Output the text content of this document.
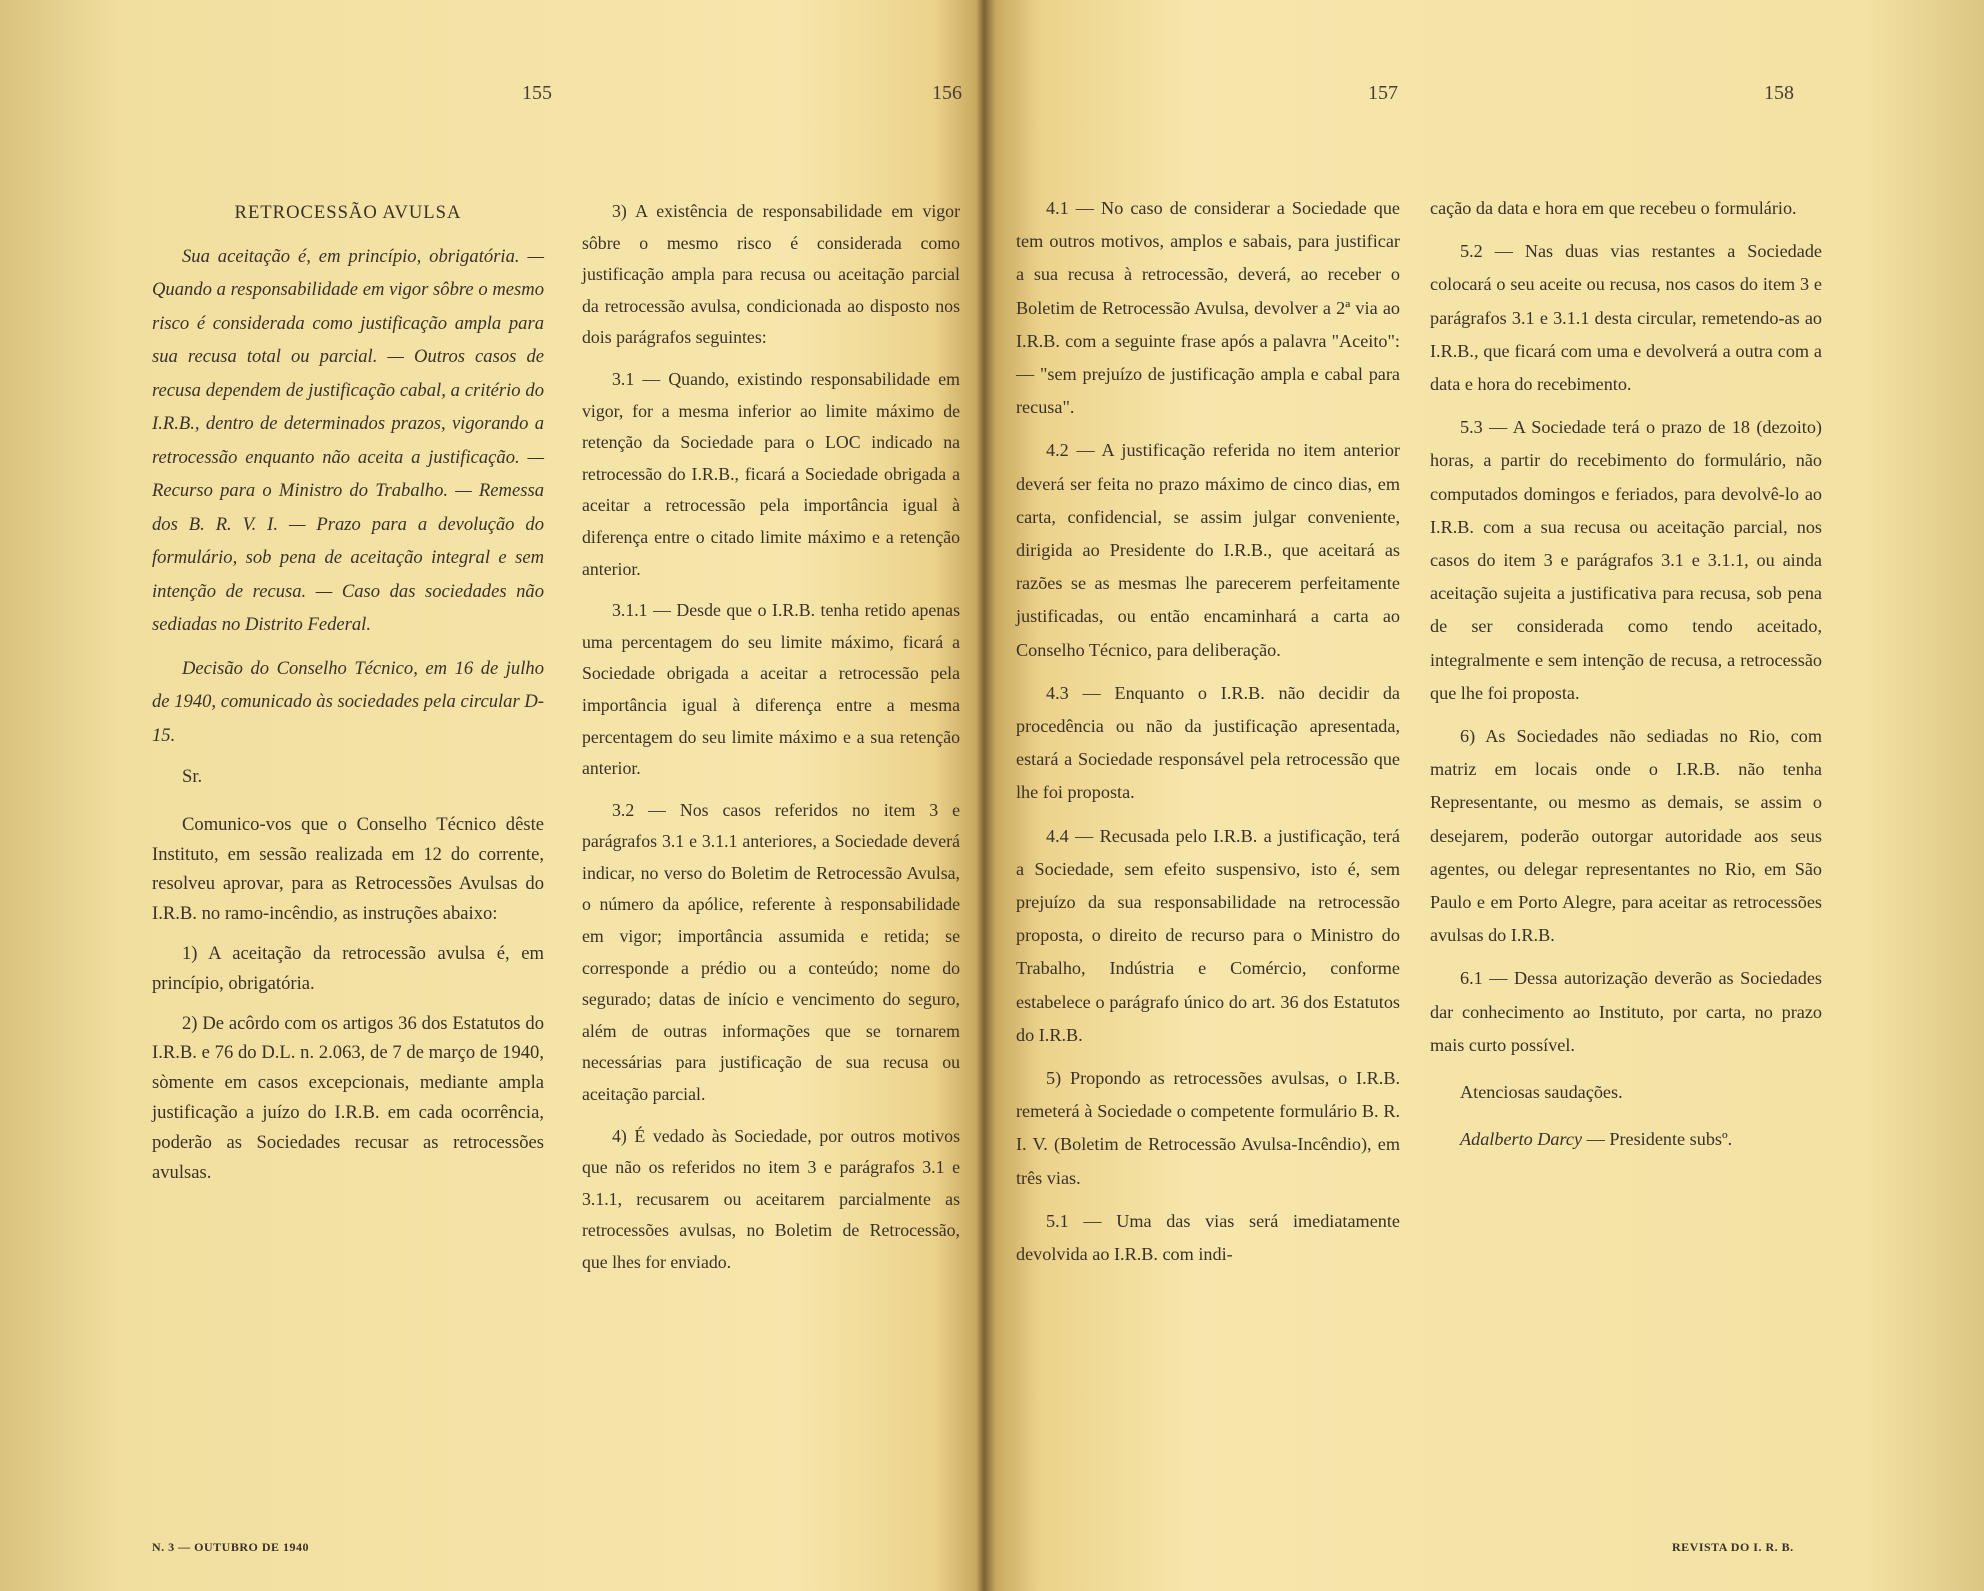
155	156	157	158
RETROCESSÃO AVULSA

Sua aceitação é, em princípio, obrigatória. — Quando a responsabilidade em vigor sôbre o mesmo risco é considerada como justificação ampla para sua recusa total ou parcial. — Outros casos de recusa dependem de justificação cabal, a critério do I.R.B., dentro de determinados prazos, vigorando a retrocessão enquanto não aceita a justificação. — Recurso para o Ministro do Trabalho. — Remessa dos B. R. V. I. — Prazo para a devolução do formulário, sob pena de aceitação integral e sem intenção de recusa. — Caso das sociedades não sediadas no Distrito Federal.

Decisão do Conselho Técnico, em 16 de julho de 1940, comunicado às sociedades pela circular D-15.

Sr.

Comunico-vos que o Conselho Técnico dêste Instituto, em sessão realizada em 12 do corrente, resolveu aprovar, para as Retrocessões Avulsas do I.R.B. no ramo-incêndio, as instruções abaixo:

1) A aceitação da retrocessão avulsa é, em princípio, obrigatória.

2) De acôrdo com os artigos 36 dos Estatutos do I.R.B. e 76 do D.L. n. 2.063, de 7 de março de 1940, sòmente em casos excepcionais, mediante ampla justificação a juízo do I.R.B. em cada ocorrência, poderão as Sociedades recusar as retrocessões avulsas.

3) A existência de responsabilidade em vigor sôbre o mesmo risco é considerada como justificação ampla para recusa ou aceitação parcial da retrocessão avulsa, condicionada ao disposto nos dois parágrafos seguintes:

3.1 — Quando, existindo responsabilidade em vigor, for a mesma inferior ao limite máximo de retenção da Sociedade para o LOC indicado na retrocessão do I.R.B., ficará a Sociedade obrigada a aceitar a retrocessão pela importância igual à diferença entre o citado limite máximo e a retenção anterior.

3.1.1 — Desde que o I.R.B. tenha retido apenas uma percentagem do seu limite máximo, ficará a Sociedade obrigada a aceitar a retrocessão pela importância igual à diferença entre a mesma percentagem do seu limite máximo e a sua retenção anterior.

3.2 — Nos casos referidos no item 3 e parágrafos 3.1 e 3.1.1 anteriores, a Sociedade deverá indicar, no verso do Boletim de Retrocessão Avulsa, o número da apólice, referente à responsabilidade em vigor; importância assumida e retida; se corresponde a prédio ou a conteúdo; nome do segurado; datas de início e vencimento do seguro, além de outras informações que se tornarem necessárias para justificação de sua recusa ou aceitação parcial.

4) É vedado às Sociedade, por outros motivos que não os referidos no item 3 e parágrafos 3.1 e 3.1.1, recusarem ou aceitarem parcialmente as retrocessões avulsas, no Boletim de Retrocessão, que lhes for enviado.

4.1 — No caso de considerar a Sociedade que tem outros motivos, amplos e sabais, para justificar a sua recusa à retrocessão, deverá, ao receber o Boletim de Retrocessão Avulsa, devolver a 2ª via ao I.R.B. com a seguinte frase após a palavra "Aceito": — "sem prejuízo de justificação ampla e cabal para recusa".

4.2 — A justificação referida no item anterior deverá ser feita no prazo máximo de cinco dias, em carta, confidencial, se assim julgar conveniente, dirigida ao Presidente do I.R.B., que aceitará as razões se as mesmas lhe parecerem perfeitamente justificadas, ou então encaminhará a carta ao Conselho Técnico, para deliberação.

4.3 — Enquanto o I.R.B. não decidir da procedência ou não da justificação apresentada, estará a Sociedade responsável pela retrocessão que lhe foi proposta.

4.4 — Recusada pelo I.R.B. a justificação, terá a Sociedade, sem efeito suspensivo, isto é, sem prejuízo da sua responsabilidade na retrocessão proposta, o direito de recurso para o Ministro do Trabalho, Indústria e Comércio, conforme estabelece o parágrafo único do art. 36 dos Estatutos do I.R.B.

5) Propondo as retrocessões avulsas, o I.R.B. remeterá à Sociedade o competente formulário B. R. I. V. (Boletim de Retrocessão Avulsa-Incêndio), em três vias.

5.1 — Uma das vias será imediatamente devolvida ao I.R.B. com indi-

cação da data e hora em que recebeu o formulário.

5.2 — Nas duas vias restantes a Sociedade colocará o seu aceite ou recusa, nos casos do item 3 e parágrafos 3.1 e 3.1.1 desta circular, remetendo-as ao I.R.B., que ficará com uma e devolverá a outra com a data e hora do recebimento.

5.3 — A Sociedade terá o prazo de 18 (dezoito) horas, a partir do recebimento do formulário, não computados domingos e feriados, para devolvê-lo ao I.R.B. com a sua recusa ou aceitação parcial, nos casos do item 3 e parágrafos 3.1 e 3.1.1, ou ainda aceitação sujeita a justificativa para recusa, sob pena de ser considerada como tendo aceitado, integralmente e sem intenção de recusa, a retrocessão que lhe foi proposta.

6) As Sociedades não sediadas no Rio, com matriz em locais onde o I.R.B. não tenha Representante, ou mesmo as demais, se assim o desejarem, poderão outorgar autoridade aos seus agentes, ou delegar representantes no Rio, em São Paulo e em Porto Alegre, para aceitar as retrocessões avulsas do I.R.B.

6.1 — Dessa autorização deverão as Sociedades dar conhecimento ao Instituto, por carta, no prazo mais curto possível.

Atenciosas saudações.

Adalberto Darcy — Presidente subsº.

N. 3 — OUTUBRO DE 1940	REVISTA DO I. R. B.
